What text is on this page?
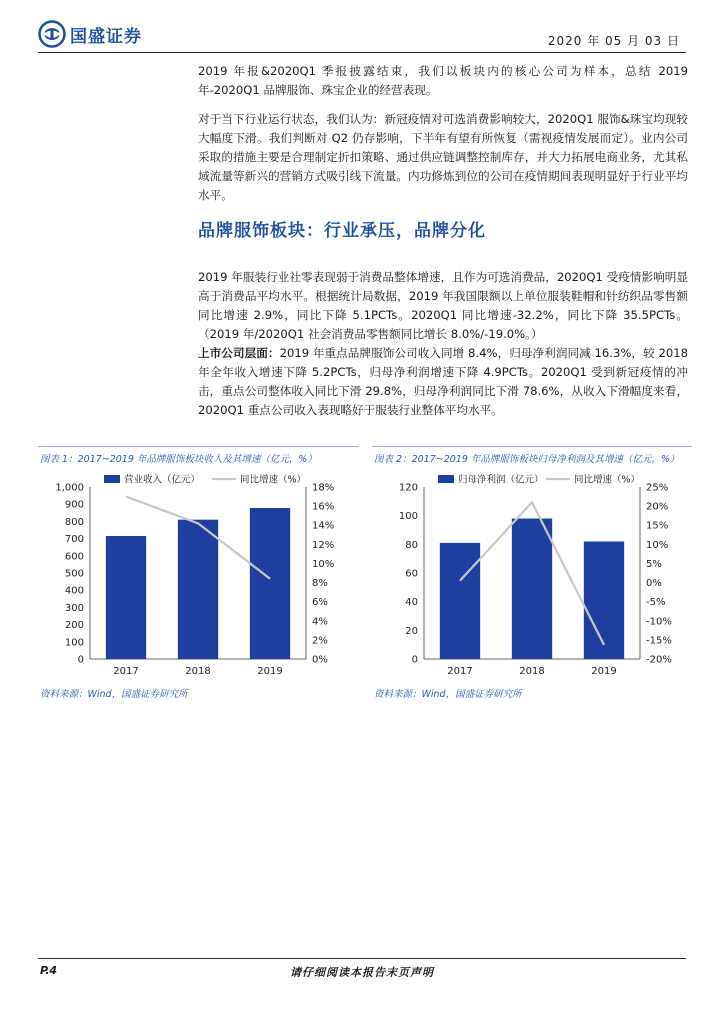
国盛证券	2020 年 05 月 03 日
2019 年报&2020Q1 季报披露结束，我们以板块内的核心公司为样本，总结 2019 年-2020Q1 品牌服饰、珠宝企业的经营表现。
对于当下行业运行状态，我们认为：新冠疫情对可选消费影响较大，2020Q1 服饰&珠宝均现较大幅度下滑。我们判断对 Q2 仍存影响，下半年有望有所恢复（需视疫情发展而定）。业内公司采取的措施主要是合理制定折扣策略、通过供应链调整控制库存，并大力拓展电商业务，尤其私域流量等新兴的营销方式吸引线下流量。内功修炼到位的公司在疫情期间表现明显好于行业平均水平。
品牌服饰板块：行业承压，品牌分化
2019 年服装行业社零表现弱于消费品整体增速，且作为可选消费品，2020Q1 受疫情影响明显高于消费品平均水平。根据统计局数据，2019 年我国限额以上单位服装鞋帽和针纺织品零售额同比增速 2.9%，同比下降 5.1PCTs。2020Q1 同比增速-32.2%，同比下降 35.5PCTs。（2019 年/2020Q1 社会消费品零售额同比增长 8.0%/-19.0%。）
上市公司层面：2019 年重点品牌服饰公司收入同增 8.4%，归母净利润同减 16.3%，较 2018 年全年收入增速下降 5.2PCTs，归母净利润增速下降 4.9PCTs。2020Q1 受到新冠疫情的冲击，重点公司整体收入同比下滑 29.8%，归母净利润同比下滑 78.6%，从收入下滑幅度来看，2020Q1 重点公司收入表现略好于服装行业整体平均水平。
图表 1：2017~2019 年品牌服饰板块收入及其增速（亿元，%）
0
100
200
300
400
500
600
700
800
900
1,000
0%
2%
4%
6%
8%
10%
12%
14%
16%
18%
2017	2018	2019
营业收入（亿元）	同比增速（%）
图表 2：2017~2019 年品牌服饰板块归母净利润及其增速（亿元，%）
0
20
40
60
80
100
120
-20%
-15%
-10%
-5%
0%
5%
10%
15%
20%
25%
2017	2018	2019
归母净利润（亿元）	同比增速（%）
资料来源：Wind，国盛证券研究所	资料来源：Wind，国盛证券研究所
P.4	请仔细阅读本报告末页声明
